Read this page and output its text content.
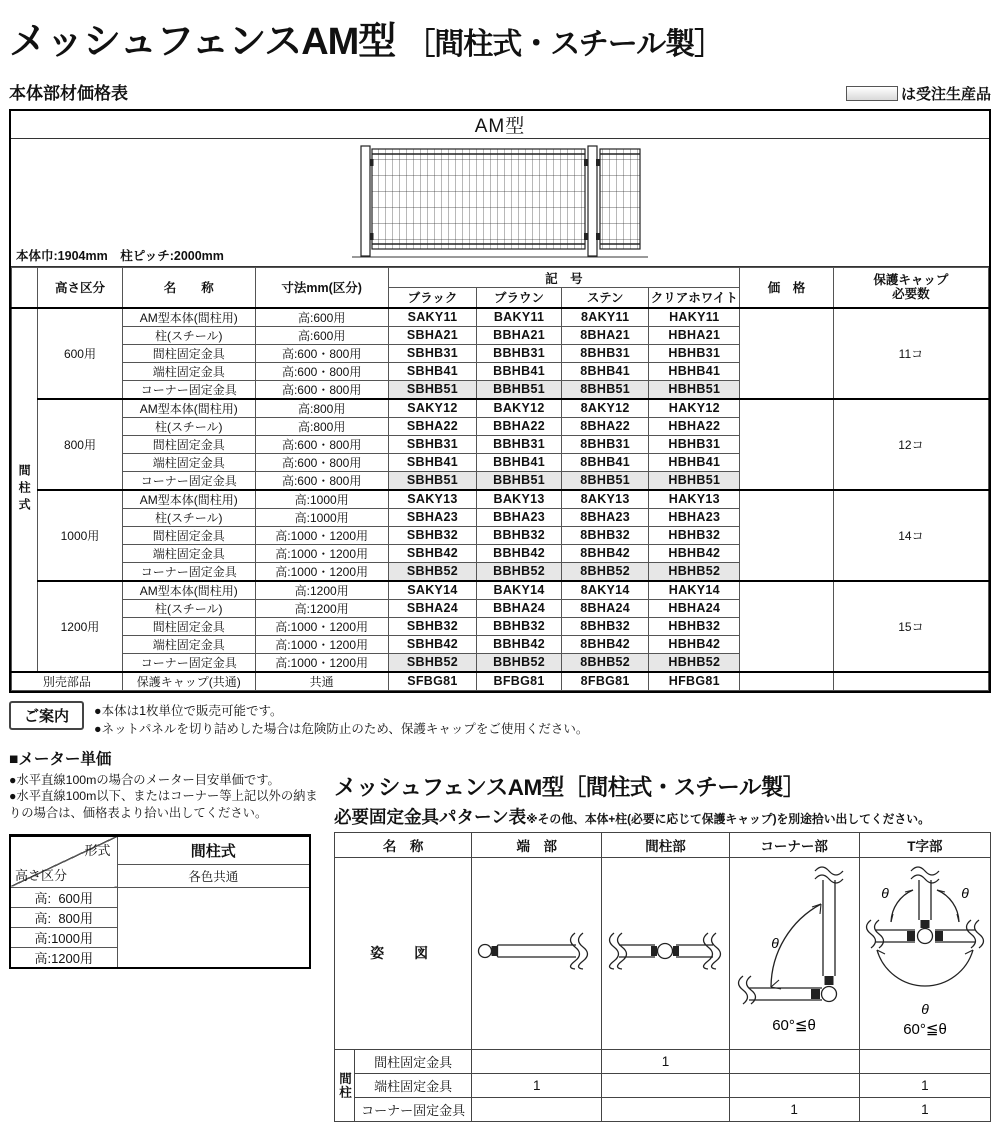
メッシュフェンスAM型 ［間柱式・スチール製］
本体部材価格表	は受注生産品
AM型
本体巾:1904mm　柱ピッチ:2000mm
	高さ区分	名　　称	寸法mm(区分)	記　号				価　格	保護キャップ
必要数

				ブラック	ブラウン	ステン	クリアホワイト		
間柱式	600用	AM型本体(間柱用)	高:600用	SAKY11	BAKY11	8AKY11	HAKY11		11コ
		柱(スチール)	高:600用	SBHA21	BBHA21	8BHA21	HBHA21		
		間柱固定金具	高:600・800用	SBHB31	BBHB31	8BHB31	HBHB31		
		端柱固定金具	高:600・800用	SBHB41	BBHB41	8BHB41	HBHB41		
		コーナー固定金具	高:600・800用	SBHB51	BBHB51	8BHB51	HBHB51		
	800用	AM型本体(間柱用)	高:800用	SAKY12	BAKY12	8AKY12	HAKY12		12コ
		柱(スチール)	高:800用	SBHA22	BBHA22	8BHA22	HBHA22		
		間柱固定金具	高:600・800用	SBHB31	BBHB31	8BHB31	HBHB31		
		端柱固定金具	高:600・800用	SBHB41	BBHB41	8BHB41	HBHB41		
		コーナー固定金具	高:600・800用	SBHB51	BBHB51	8BHB51	HBHB51		
	1000用	AM型本体(間柱用)	高:1000用	SAKY13	BAKY13	8AKY13	HAKY13		14コ
		柱(スチール)	高:1000用	SBHA23	BBHA23	8BHA23	HBHA23		
		間柱固定金具	高:1000・1200用	SBHB32	BBHB32	8BHB32	HBHB32		
		端柱固定金具	高:1000・1200用	SBHB42	BBHB42	8BHB42	HBHB42		
		コーナー固定金具	高:1000・1200用	SBHB52	BBHB52	8BHB52	HBHB52		
	1200用	AM型本体(間柱用)	高:1200用	SAKY14	BAKY14	8AKY14	HAKY14		15コ
		柱(スチール)	高:1200用	SBHA24	BBHA24	8BHA24	HBHA24		
		間柱固定金具	高:1000・1200用	SBHB32	BBHB32	8BHB32	HBHB32		
		端柱固定金具	高:1000・1200用	SBHB42	BBHB42	8BHB42	HBHB42		
		コーナー固定金具	高:1000・1200用	SBHB52	BBHB52	8BHB52	HBHB52		
別売部品		保護キャップ(共通)	共通	SFBG81	BFBG81	8FBG81	HFBG81		
ご案内	●本体は1枚単位で販売可能です。
●ネットパネルを切り詰めした場合は危険防止のため、保護キャップをご使用ください。
■メーター単価
●水平直線100mの場合のメーター目安単価です。
●水平直線100m以下、またはコーナー等上記以外の納まりの場合は、価格表より拾い出してください。
形式
高さ区分	間柱式
	各色共通
高:  600用	
高:  800用	
高:1000用	
高:1200用	
メッシュフェンスAM型［間柱式・スチール製］
必要固定金具パターン表 ※その他、本体+柱(必要に応じて保護キャップ)を別途拾い出してください。
名　称		端　部	間柱部	コーナー部	T字部
姿　図				θ
60°≦θ	θ θ
θ
60°≦θ

間柱	間柱固定金具		1		
	端柱固定金具	1			1
	コーナー固定金具			1	1
